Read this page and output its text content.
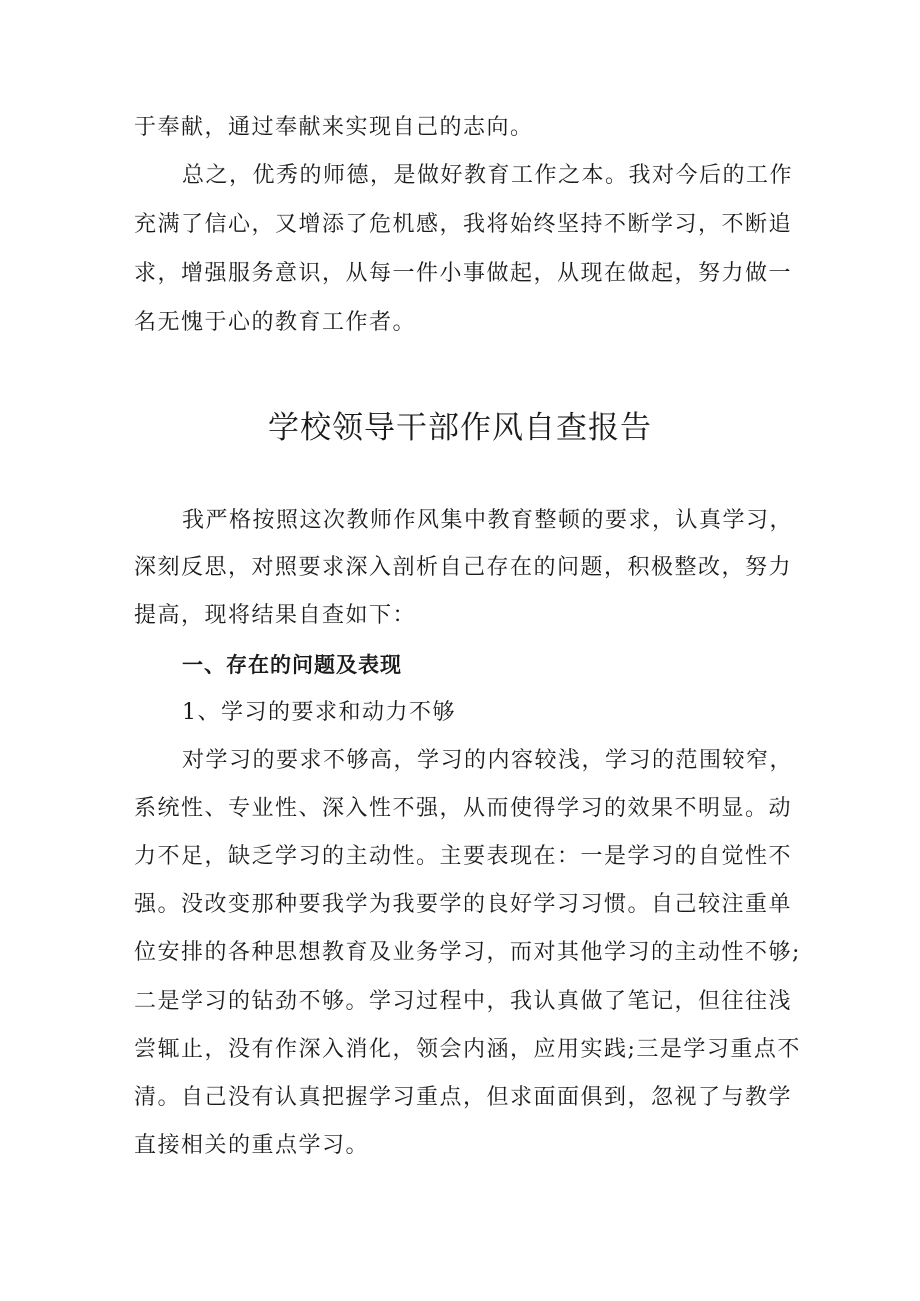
于奉献，通过奉献来实现自己的志向。
总之，优秀的师德，是做好教育工作之本。我对今后的工作
充满了信心，又增添了危机感，我将始终坚持不断学习，不断追
求，增强服务意识，从每一件小事做起，从现在做起，努力做一
名无愧于心的教育工作者。
学校领导干部作风自查报告
我严格按照这次教师作风集中教育整顿的要求，认真学习，
深刻反思，对照要求深入剖析自己存在的问题，积极整改，努力
提高，现将结果自查如下：
一、存在的问题及表现
1、学习的要求和动力不够
对学习的要求不够高，学习的内容较浅，学习的范围较窄，
系统性、专业性、深入性不强，从而使得学习的效果不明显。动
力不足，缺乏学习的主动性。主要表现在：一是学习的自觉性不
强。没改变那种要我学为我要学的良好学习习惯。自己较注重单
位安排的各种思想教育及业务学习，而对其他学习的主动性不够;
二是学习的钻劲不够。学习过程中，我认真做了笔记，但往往浅
尝辄止，没有作深入消化，领会内涵，应用实践;三是学习重点不
清。自己没有认真把握学习重点，但求面面俱到，忽视了与教学
直接相关的重点学习。
